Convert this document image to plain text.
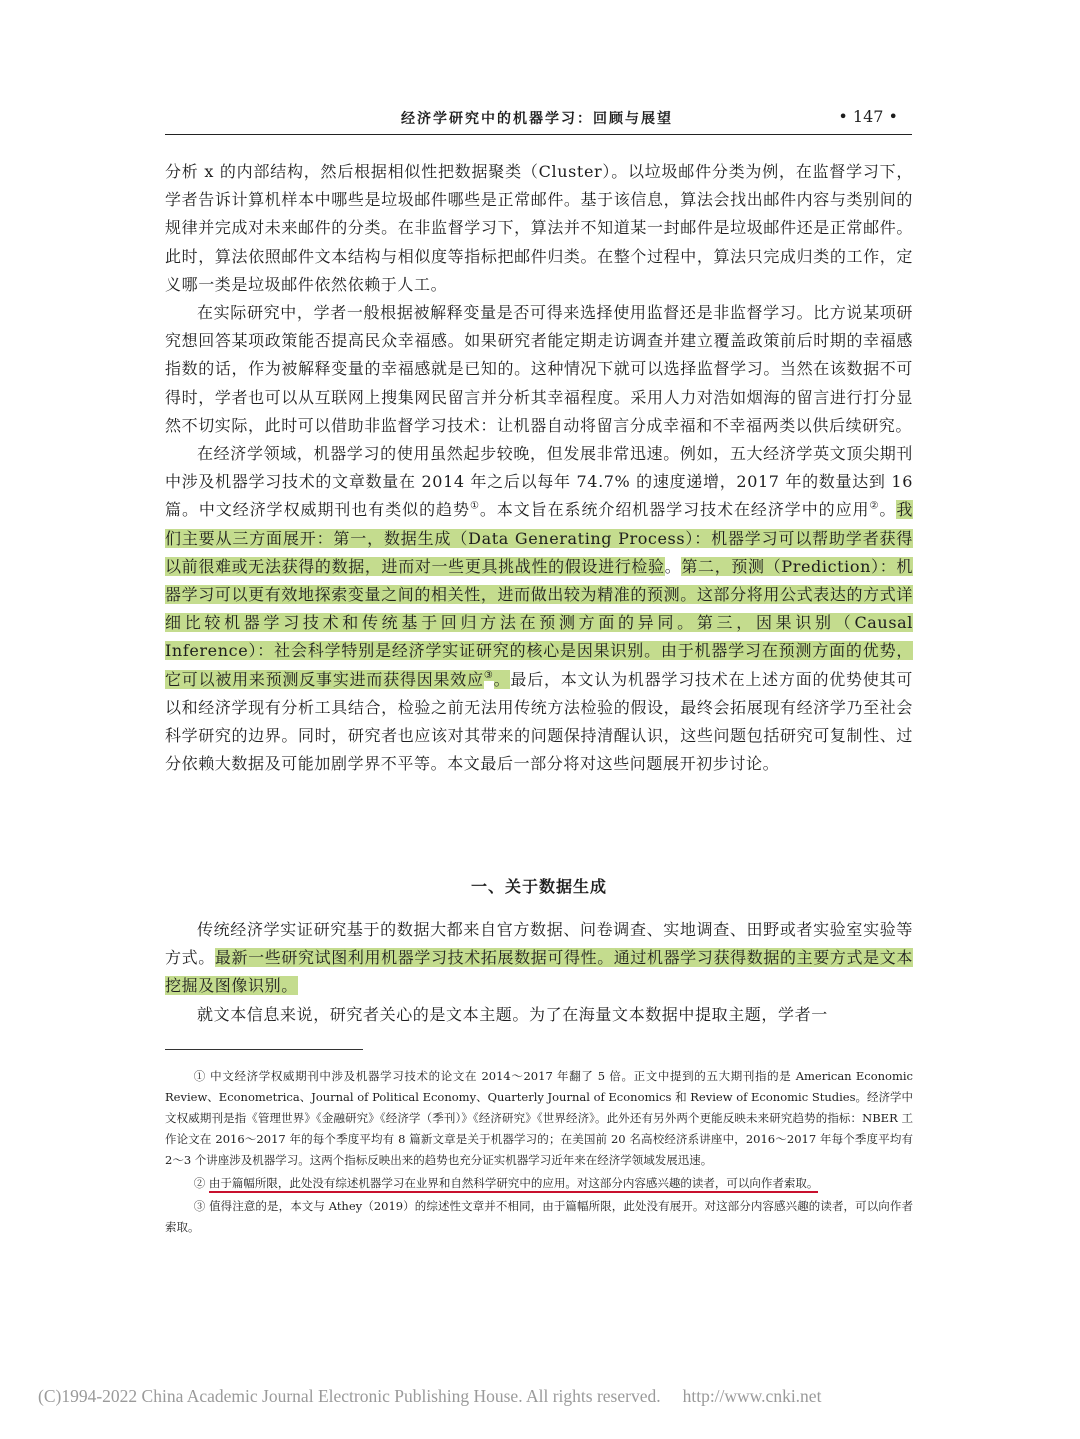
经济学研究中的机器学习：回顾与展望	• 147 •

分析 x 的内部结构，然后根据相似性把数据聚类（Cluster）。以垃圾邮件分类为例，在监督学习下，学者告诉计算机样本中哪些是垃圾邮件哪些是正常邮件。基于该信息，算法会找出邮件内容与类别间的规律并完成对未来邮件的分类。在非监督学习下，算法并不知道某一封邮件是垃圾邮件还是正常邮件。此时，算法依照邮件文本结构与相似度等指标把邮件归类。在整个过程中，算法只完成归类的工作，定义哪一类是垃圾邮件依然依赖于人工。

在实际研究中，学者一般根据被解释变量是否可得来选择使用监督还是非监督学习。比方说某项研究想回答某项政策能否提高民众幸福感。如果研究者能定期走访调查并建立覆盖政策前后时期的幸福感指数的话，作为被解释变量的幸福感就是已知的。这种情况下就可以选择监督学习。当然在该数据不可得时，学者也可以从互联网上搜集网民留言并分析其幸福程度。采用人力对浩如烟海的留言进行打分显然不切实际，此时可以借助非监督学习技术：让机器自动将留言分成幸福和不幸福两类以供后续研究。

在经济学领域，机器学习的使用虽然起步较晚，但发展非常迅速。例如，五大经济学英文顶尖期刊中涉及机器学习技术的文章数量在 2014 年之后以每年 74.7% 的速度递增，2017 年的数量达到 16 篇。中文经济学权威期刊也有类似的趋势①。本文旨在系统介绍机器学习技术在经济学中的应用②。我们主要从三方面展开：第一，数据生成（Data Generating Process）：机器学习可以帮助学者获得以前很难或无法获得的数据，进而对一些更具挑战性的假设进行检验。第二，预测（Prediction）：机器学习可以更有效地探索变量之间的相关性，进而做出较为精准的预测。这部分将用公式表达的方式详细比较机器学习技术和传统基于回归方法在预测方面的异同。第三，因果识别（Causal Inference）：社会科学特别是经济学实证研究的核心是因果识别。由于机器学习在预测方面的优势，它可以被用来预测反事实进而获得因果效应③。最后，本文认为机器学习技术在上述方面的优势使其可以和经济学现有分析工具结合，检验之前无法用传统方法检验的假设，最终会拓展现有经济学乃至社会科学研究的边界。同时，研究者也应该对其带来的问题保持清醒认识，这些问题包括研究可复制性、过分依赖大数据及可能加剧学界不平等。本文最后一部分将对这些问题展开初步讨论。

一、关于数据生成

传统经济学实证研究基于的数据大都来自官方数据、问卷调查、实地调查、田野或者实验室实验等方式。最新一些研究试图利用机器学习技术拓展数据可得性。通过机器学习获得数据的主要方式是文本挖掘及图像识别。

就文本信息来说，研究者关心的是文本主题。为了在海量文本数据中提取主题，学者一

① 中文经济学权威期刊中涉及机器学习技术的论文在 2014～2017 年翻了 5 倍。正文中提到的五大期刊指的是 American Economic Review、Econometrica、Journal of Political Economy、Quarterly Journal of Economics 和 Review of Economic Studies。经济学中文权威期刊是指《管理世界》《金融研究》《经济学（季刊）》《经济研究》《世界经济》。此外还有另外两个更能反映未来研究趋势的指标：NBER 工作论文在 2016～2017 年的每个季度平均有 8 篇新文章是关于机器学习的；在美国前 20 名高校经济系讲座中，2016～2017 年每个季度平均有 2～3 个讲座涉及机器学习。这两个指标反映出来的趋势也充分证实机器学习近年来在经济学领域发展迅速。

② 由于篇幅所限，此处没有综述机器学习在业界和自然科学研究中的应用。对这部分内容感兴趣的读者，可以向作者索取。

③ 值得注意的是，本文与 Athey（2019）的综述性文章并不相同，由于篇幅所限，此处没有展开。对这部分内容感兴趣的读者，可以向作者索取。

(C)1994-2022 China Academic Journal Electronic Publishing House. All rights reserved. http://www.cnki.net
